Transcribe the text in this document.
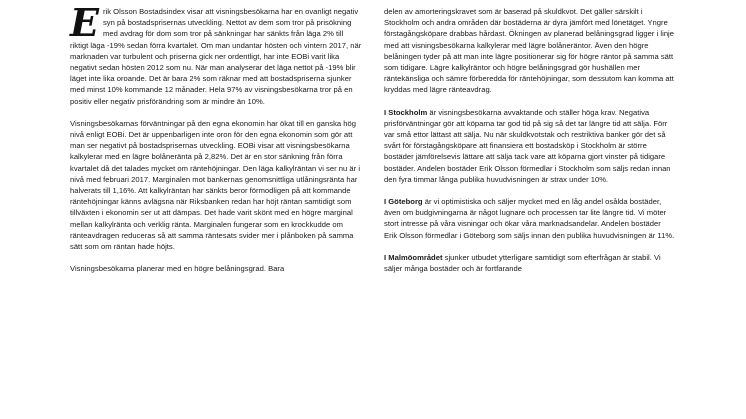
Erik Olsson Bostadsindex visar att visningsbesökarna har en ovanligt negativ syn på bostadsprisernas utveckling. Nettot av dem som tror på prisökning med avdrag för dom som tror på sänkningar har sänkts från läga 2% till riktigt läga -19% sedan förra kvartalet. Om man undantar hösten och vintern 2017, när marknaden var turbulent och priserna gick ner ordentligt, har inte EOBi varit lika negativt sedan hösten 2012 som nu. När man analyserar det läga nettot på -19% blir läget inte lika oroande. Det är bara 2% som räknar med att bostadspriserna sjunker med minst 10% kommande 12 månader. Hela 97% av visningsbesökarna tror på en positiv eller negativ prisförändring som är mindre än 10%.

Visningsbesökarnas förväntningar på den egna ekonomin har ökat till en ganska hög nivå enligt EOBi. Det är uppenbarligen inte oron för den egna ekonomin som gör att man ser negativt på bostadsprisernas utveckling. EOBi visar att visningsbesökarna kalkylerar med en lägre bolåneränta på 2,82%. Det är en stor sänkning från förra kvartalet då det talades mycket om räntehöjningar. Den läga kalkylräntan vi ser nu är i nivå med februari 2017. Marginalen mot bankernas genomsnittliga utlåningsränta har halverats till 1,16%. Att kalkylräntan har sänkts beror förmodligen på att kommande räntehöjningar känns avlägsna när Riksbanken redan har höjt räntan samtidigt som tillväxten i ekonomin ser ut att dämpas. Det hade varit skönt med en högre marginal mellan kalkylränta och verklig ränta. Marginalen fungerar som en krockkudde om ränteavdragen reduceras så att samma räntesats svider mer i plånboken på samma sätt som om räntan hade höjts.

Visningsbesökarna planerar med en högre belåningsgrad. Bara

delen av amorteringskravet som är baserad på skuldkvot. Det gäller särskilt i Stockholm och andra områden där bostäderna är dyra jämfört med lönetäget. Yngre förstagångsköpare drabbas hårdast. Ökningen av planerad belåningsgrad ligger i linje med att visningsbesökarna kalkylerar med lägre bolåneräntor. Även den högre belåningen tyder på att man inte lägre positionerar sig för högre räntor på samma sätt som tidigare. Lägre kalkylräntor och högre belåningsgrad gör hushällen mer räntekänsliga och sämre förberedda för räntehöjningar, som dessutom kan komma att kryddas med lägre ränteavdrag.

I Stockholm är visningsbesökarna avvaktande och ställer höga krav. Negativa prisförväntningar gör att köparna tar god tid på sig så det tar längre tid att sälja. Förr var små ettor lättast att sälja. Nu när skuldkvotstak och restriktiva banker gör det så svårt för förstagångsköpare att finansiera ett bostadsköp i Stockholm är större bostäder jämförelsevis lättare att sälja tack vare att köparna gjort vinster på tidigare bostäder. Andelen bostäder Erik Olsson förmedlar i Stockholm som säljs redan innan den fyra timmar långa publika huvudvisningen är strax under 10%.

I Göteborg är vi optimistiska och säljer mycket med en låg andel osålda bostäder, även om budgivningarna är något lugnare och processen tar lite längre tid. Vi möter stort intresse på våra visningar och ökar våra marknadsandelar. Andelen bostäder Erik Olsson förmedlar i Göteborg som säljs innan den publika huvudvisningen är 11%.

I Malmöområdet sjunker utbudet ytterligare samtidigt som efterfrågan är stabil. Vi säljer många bostäder och är fortfarande
